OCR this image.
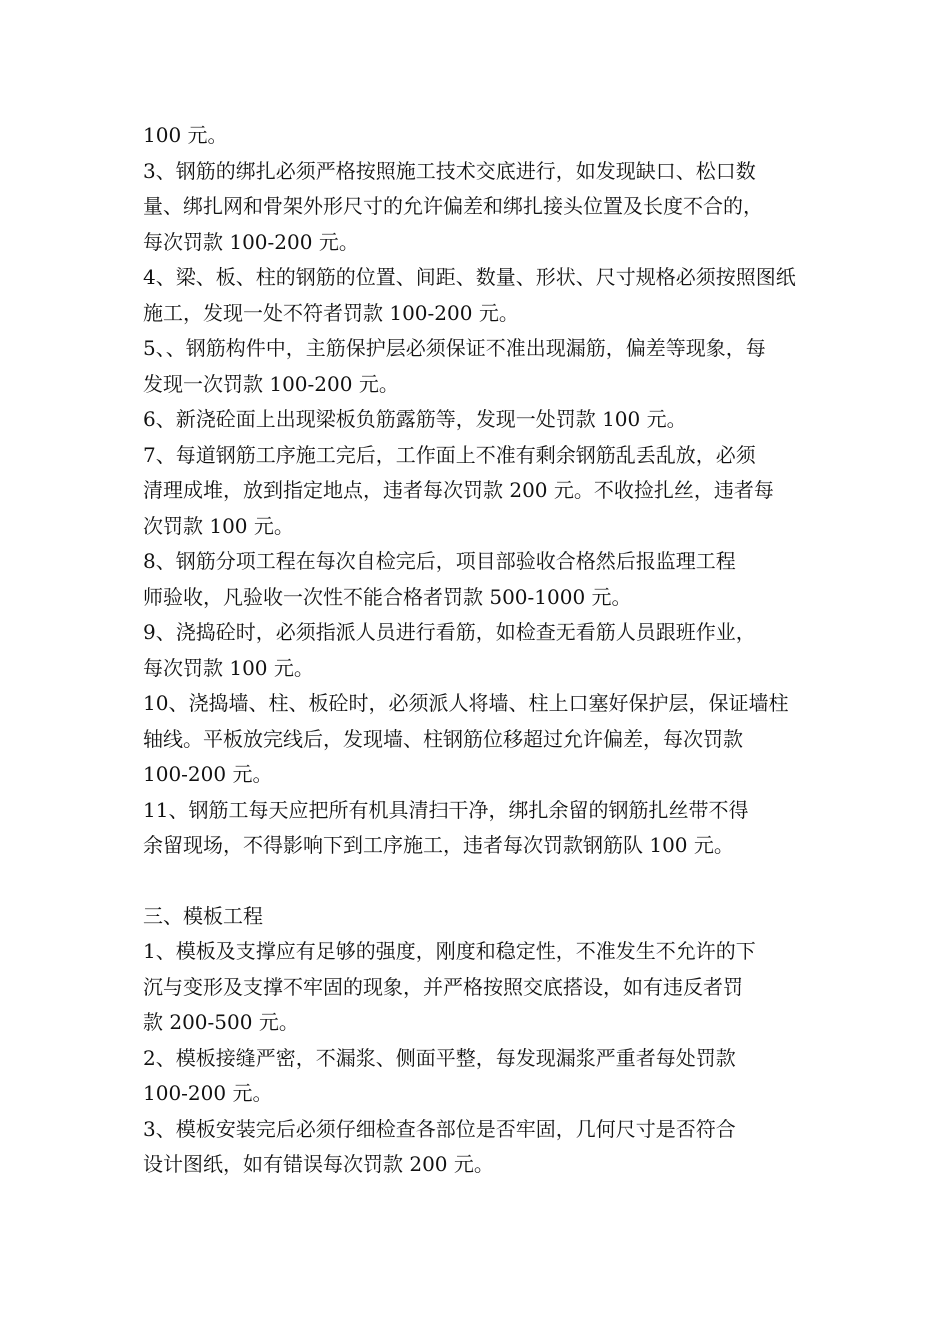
100 元。
3、钢筋的绑扎必须严格按照施工技术交底进行，如发现缺口、松口数
量、绑扎网和骨架外形尺寸的允许偏差和绑扎接头位置及长度不合的，
每次罚款 100-200 元。
4、梁、板、柱的钢筋的位置、间距、数量、形状、尺寸规格必须按照图纸
施工，发现一处不符者罚款 100-200 元。
5、、钢筋构件中，主筋保护层必须保证不准出现漏筋，偏差等现象，每
发现一次罚款 100-200 元。
6、新浇砼面上出现梁板负筋露筋等，发现一处罚款 100 元。
7、每道钢筋工序施工完后，工作面上不准有剩余钢筋乱丢乱放，必须
清理成堆，放到指定地点，违者每次罚款 200 元。不收捡扎丝，违者每
次罚款 100 元。
8、钢筋分项工程在每次自检完后，项目部验收合格然后报监理工程
师验收，凡验收一次性不能合格者罚款 500-1000 元。
9、浇捣砼时，必须指派人员进行看筋，如检查无看筋人员跟班作业，
每次罚款 100 元。
10、浇捣墙、柱、板砼时，必须派人将墙、柱上口塞好保护层，保证墙柱
轴线。平板放完线后，发现墙、柱钢筋位移超过允许偏差，每次罚款
100-200 元。
11、钢筋工每天应把所有机具清扫干净，绑扎余留的钢筋扎丝带不得
余留现场，不得影响下到工序施工，违者每次罚款钢筋队 100 元。
三、模板工程
1、模板及支撑应有足够的强度，刚度和稳定性，不准发生不允许的下
沉与变形及支撑不牢固的现象，并严格按照交底搭设，如有违反者罚
款 200-500 元。
2、模板接缝严密，不漏浆、侧面平整，每发现漏浆严重者每处罚款
100-200 元。
3、模板安装完后必须仔细检查各部位是否牢固，几何尺寸是否符合
设计图纸，如有错误每次罚款 200 元。
